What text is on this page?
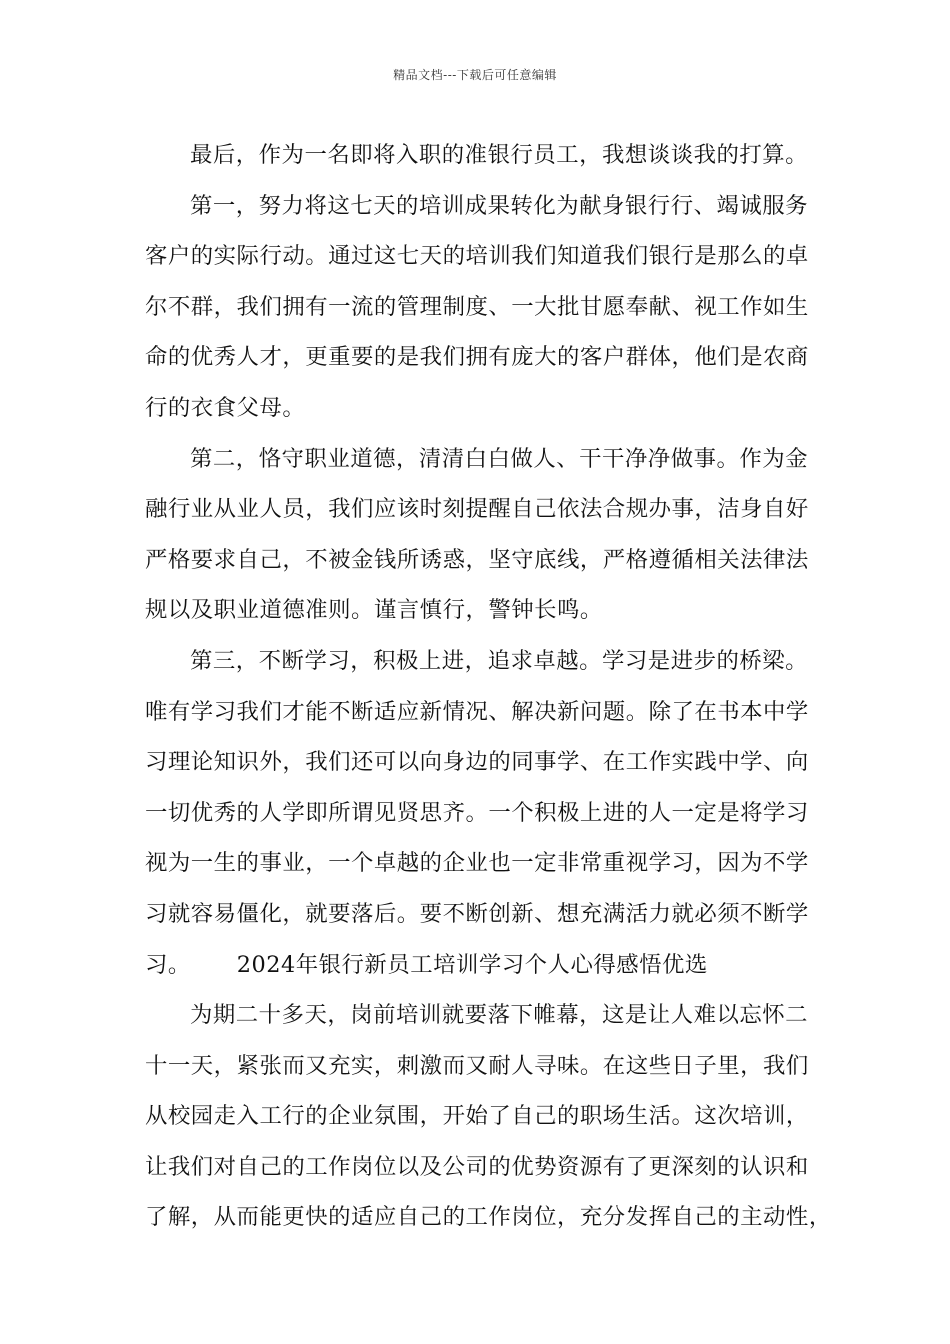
精品文档---下载后可任意编辑
最后，作为一名即将入职的准银行员工，我想谈谈我的打算。
第一，努力将这七天的培训成果转化为献身银行行、竭诚服务
客户的实际行动。通过这七天的培训我们知道我们银行是那么的卓
尔不群，我们拥有一流的管理制度、一大批甘愿奉献、视工作如生
命的优秀人才，更重要的是我们拥有庞大的客户群体，他们是农商
行的衣食父母。
第二，恪守职业道德，清清白白做人、干干净净做事。作为金
融行业从业人员，我们应该时刻提醒自己依法合规办事，洁身自好
严格要求自己，不被金钱所诱惑，坚守底线，严格遵循相关法律法
规以及职业道德准则。谨言慎行，警钟长鸣。
第三，不断学习，积极上进，追求卓越。学习是进步的桥梁。
唯有学习我们才能不断适应新情况、解决新问题。除了在书本中学
习理论知识外，我们还可以向身边的同事学、在工作实践中学、向
一切优秀的人学即所谓见贤思齐。一个积极上进的人一定是将学习
视为一生的事业，一个卓越的企业也一定非常重视学习，因为不学
习就容易僵化，就要落后。要不断创新、想充满活力就必须不断学
习。 2024年银行新员工培训学习个人心得感悟优选
为期二十多天，岗前培训就要落下帷幕，这是让人难以忘怀二
十一天，紧张而又充实，刺激而又耐人寻味。在这些日子里，我们
从校园走入工行的企业氛围，开始了自己的职场生活。这次培训，
让我们对自己的工作岗位以及公司的优势资源有了更深刻的认识和
了解，从而能更快的适应自己的工作岗位，充分发挥自己的主动性，
